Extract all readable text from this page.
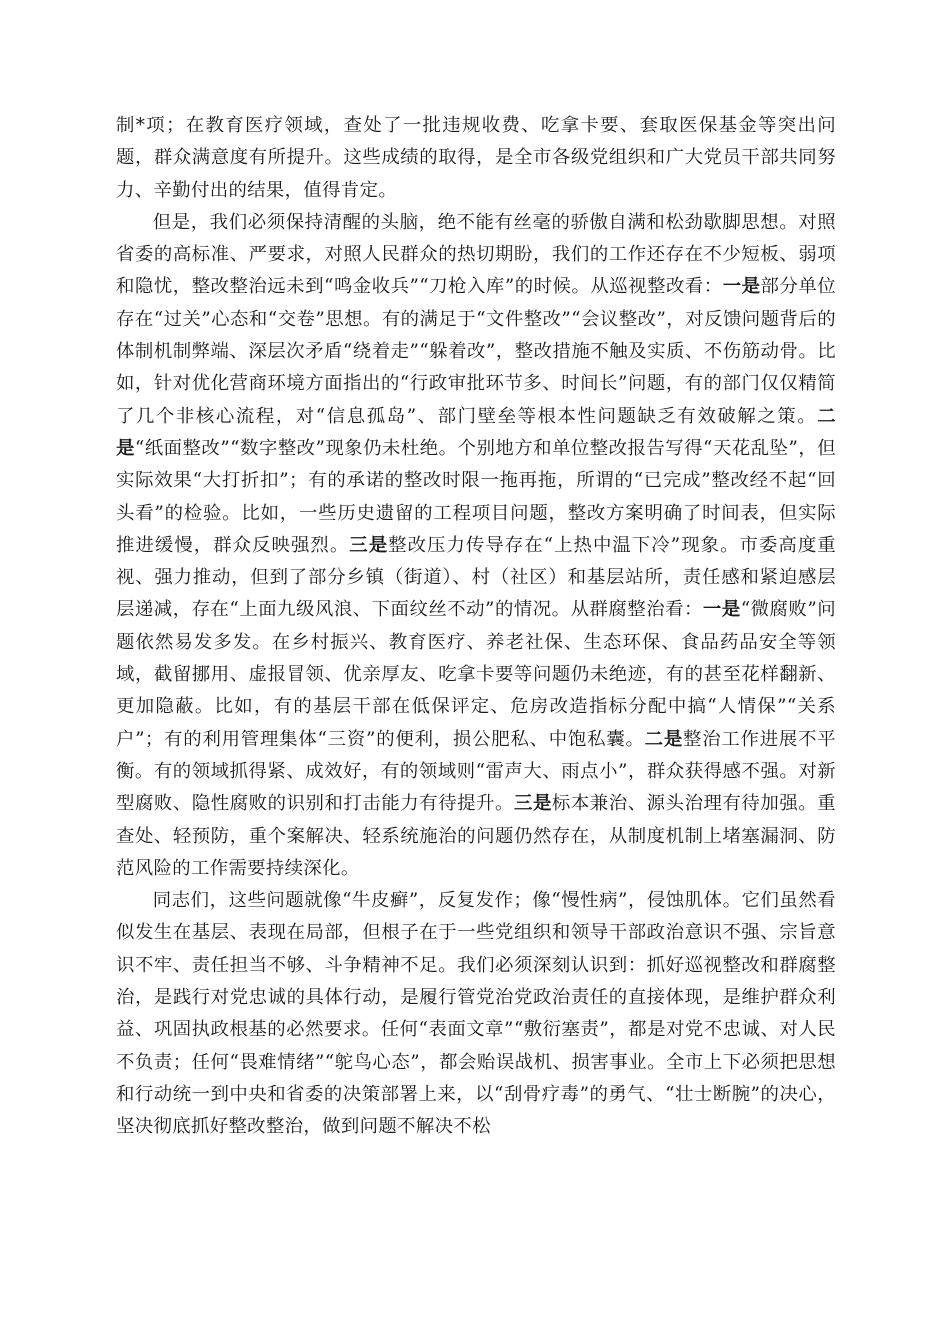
制*项；在教育医疗领域，查处了一批违规收费、吃拿卡要、套取医保基金等突出问题，群众满意度有所提升。这些成绩的取得，是全市各级党组织和广大党员干部共同努力、辛勤付出的结果，值得肯定。

但是，我们必须保持清醒的头脑，绝不能有丝毫的骄傲自满和松劲歇脚思想。对照省委的高标准、严要求，对照人民群众的热切期盼，我们的工作还存在不少短板、弱项和隐忧，整改整治远未到“鸣金收兵”“刀枪入库”的时候。从巡视整改看：一是部分单位存在“过关”心态和“交卷”思想。有的满足于“文件整改”“会议整改”，对反馈问题背后的体制机制弊端、深层次矛盾“绕着走”“躲着改”，整改措施不触及实质、不伤筋动骨。比如，针对优化营商环境方面指出的“行政审批环节多、时间长”问题，有的部门仅仅精简了几个非核心流程，对“信息孤岛”、部门壁垒等根本性问题缺乏有效破解之策。二是“纸面整改”“数字整改”现象仍未杜绝。个别地方和单位整改报告写得“天花乱坠”，但实际效果“大打折扣”；有的承诺的整改时限一拖再拖，所谓的“已完成”整改经不起“回头看”的检验。比如，一些历史遗留的工程项目问题，整改方案明确了时间表，但实际推进缓慢，群众反映强烈。三是整改压力传导存在“上热中温下冷”现象。市委高度重视、强力推动，但到了部分乡镇（街道）、村（社区）和基层站所，责任感和紧迫感层层递减，存在“上面九级风浪、下面纹丝不动”的情况。从群腐整治看：一是“微腐败”问题依然易发多发。在乡村振兴、教育医疗、养老社保、生态环保、食品药品安全等领域，截留挪用、虚报冒领、优亲厚友、吃拿卡要等问题仍未绝迹，有的甚至花样翻新、更加隐蔽。比如，有的基层干部在低保评定、危房改造指标分配中搞“人情保”“关系户”；有的利用管理集体“三资”的便利，损公肥私、中饱私囊。二是整治工作进展不平衡。有的领域抓得紧、成效好，有的领域则“雷声大、雨点小”，群众获得感不强。对新型腐败、隐性腐败的识别和打击能力有待提升。三是标本兼治、源头治理有待加强。重查处、轻预防，重个案解决、轻系统施治的问题仍然存在，从制度机制上堵塞漏洞、防范风险的工作需要持续深化。

同志们，这些问题就像“牛皮癣”，反复发作；像“慢性病”，侵蚀肌体。它们虽然看似发生在基层、表现在局部，但根子在于一些党组织和领导干部政治意识不强、宗旨意识不牢、责任担当不够、斗争精神不足。我们必须深刻认识到：抓好巡视整改和群腐整治，是践行对党忠诚的具体行动，是履行管党治党政治责任的直接体现，是维护群众利益、巩固执政根基的必然要求。任何“表面文章”“敷衍塞责”，都是对党不忠诚、对人民不负责；任何“畏难情绪”“鸵鸟心态”，都会贻误战机、损害事业。全市上下必须把思想和行动统一到中央和省委的决策部署上来，以“刮骨疗毒”的勇气、“壮士断腕”的决心，坚决彻底抓好整改整治，做到问题不解决不松
